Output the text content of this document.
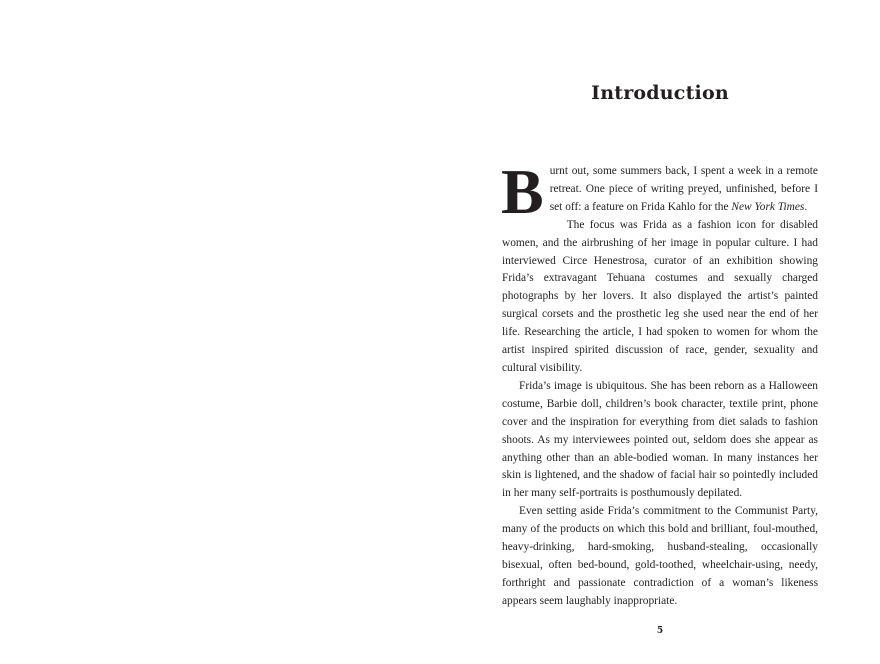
Introduction

Burnt out, some summers back, I spent a week in a remote retreat. One piece of writing preyed, unfinished, before I set off: a feature on Frida Kahlo for the New York Times.

The focus was Frida as a fashion icon for disabled women, and the airbrushing of her image in popular culture. I had interviewed Circe Henestrosa, curator of an exhibition showing Frida’s extravagant Tehuana costumes and sexually charged photographs by her lovers. It also displayed the artist’s painted surgical corsets and the prosthetic leg she used near the end of her life. Researching the article, I had spoken to women for whom the artist inspired spirited discussion of race, gender, sexuality and cultural visibility.

Frida’s image is ubiquitous. She has been reborn as a Halloween costume, Barbie doll, children’s book character, textile print, phone cover and the inspiration for everything from diet salads to fashion shoots. As my interviewees pointed out, seldom does she appear as anything other than an able-bodied woman. In many instances her skin is lightened, and the shadow of facial hair so pointedly included in her many self-portraits is posthumously depilated.

Even setting aside Frida’s commitment to the Communist Party, many of the products on which this bold and brilliant, foul-mouthed, heavy-drinking, hard-smoking, husband-stealing, occasionally bisexual, often bed-bound, gold-toothed, wheelchair-using, needy, forthright and passionate contradiction of a woman’s likeness appears seem laughably inappropriate.

5
